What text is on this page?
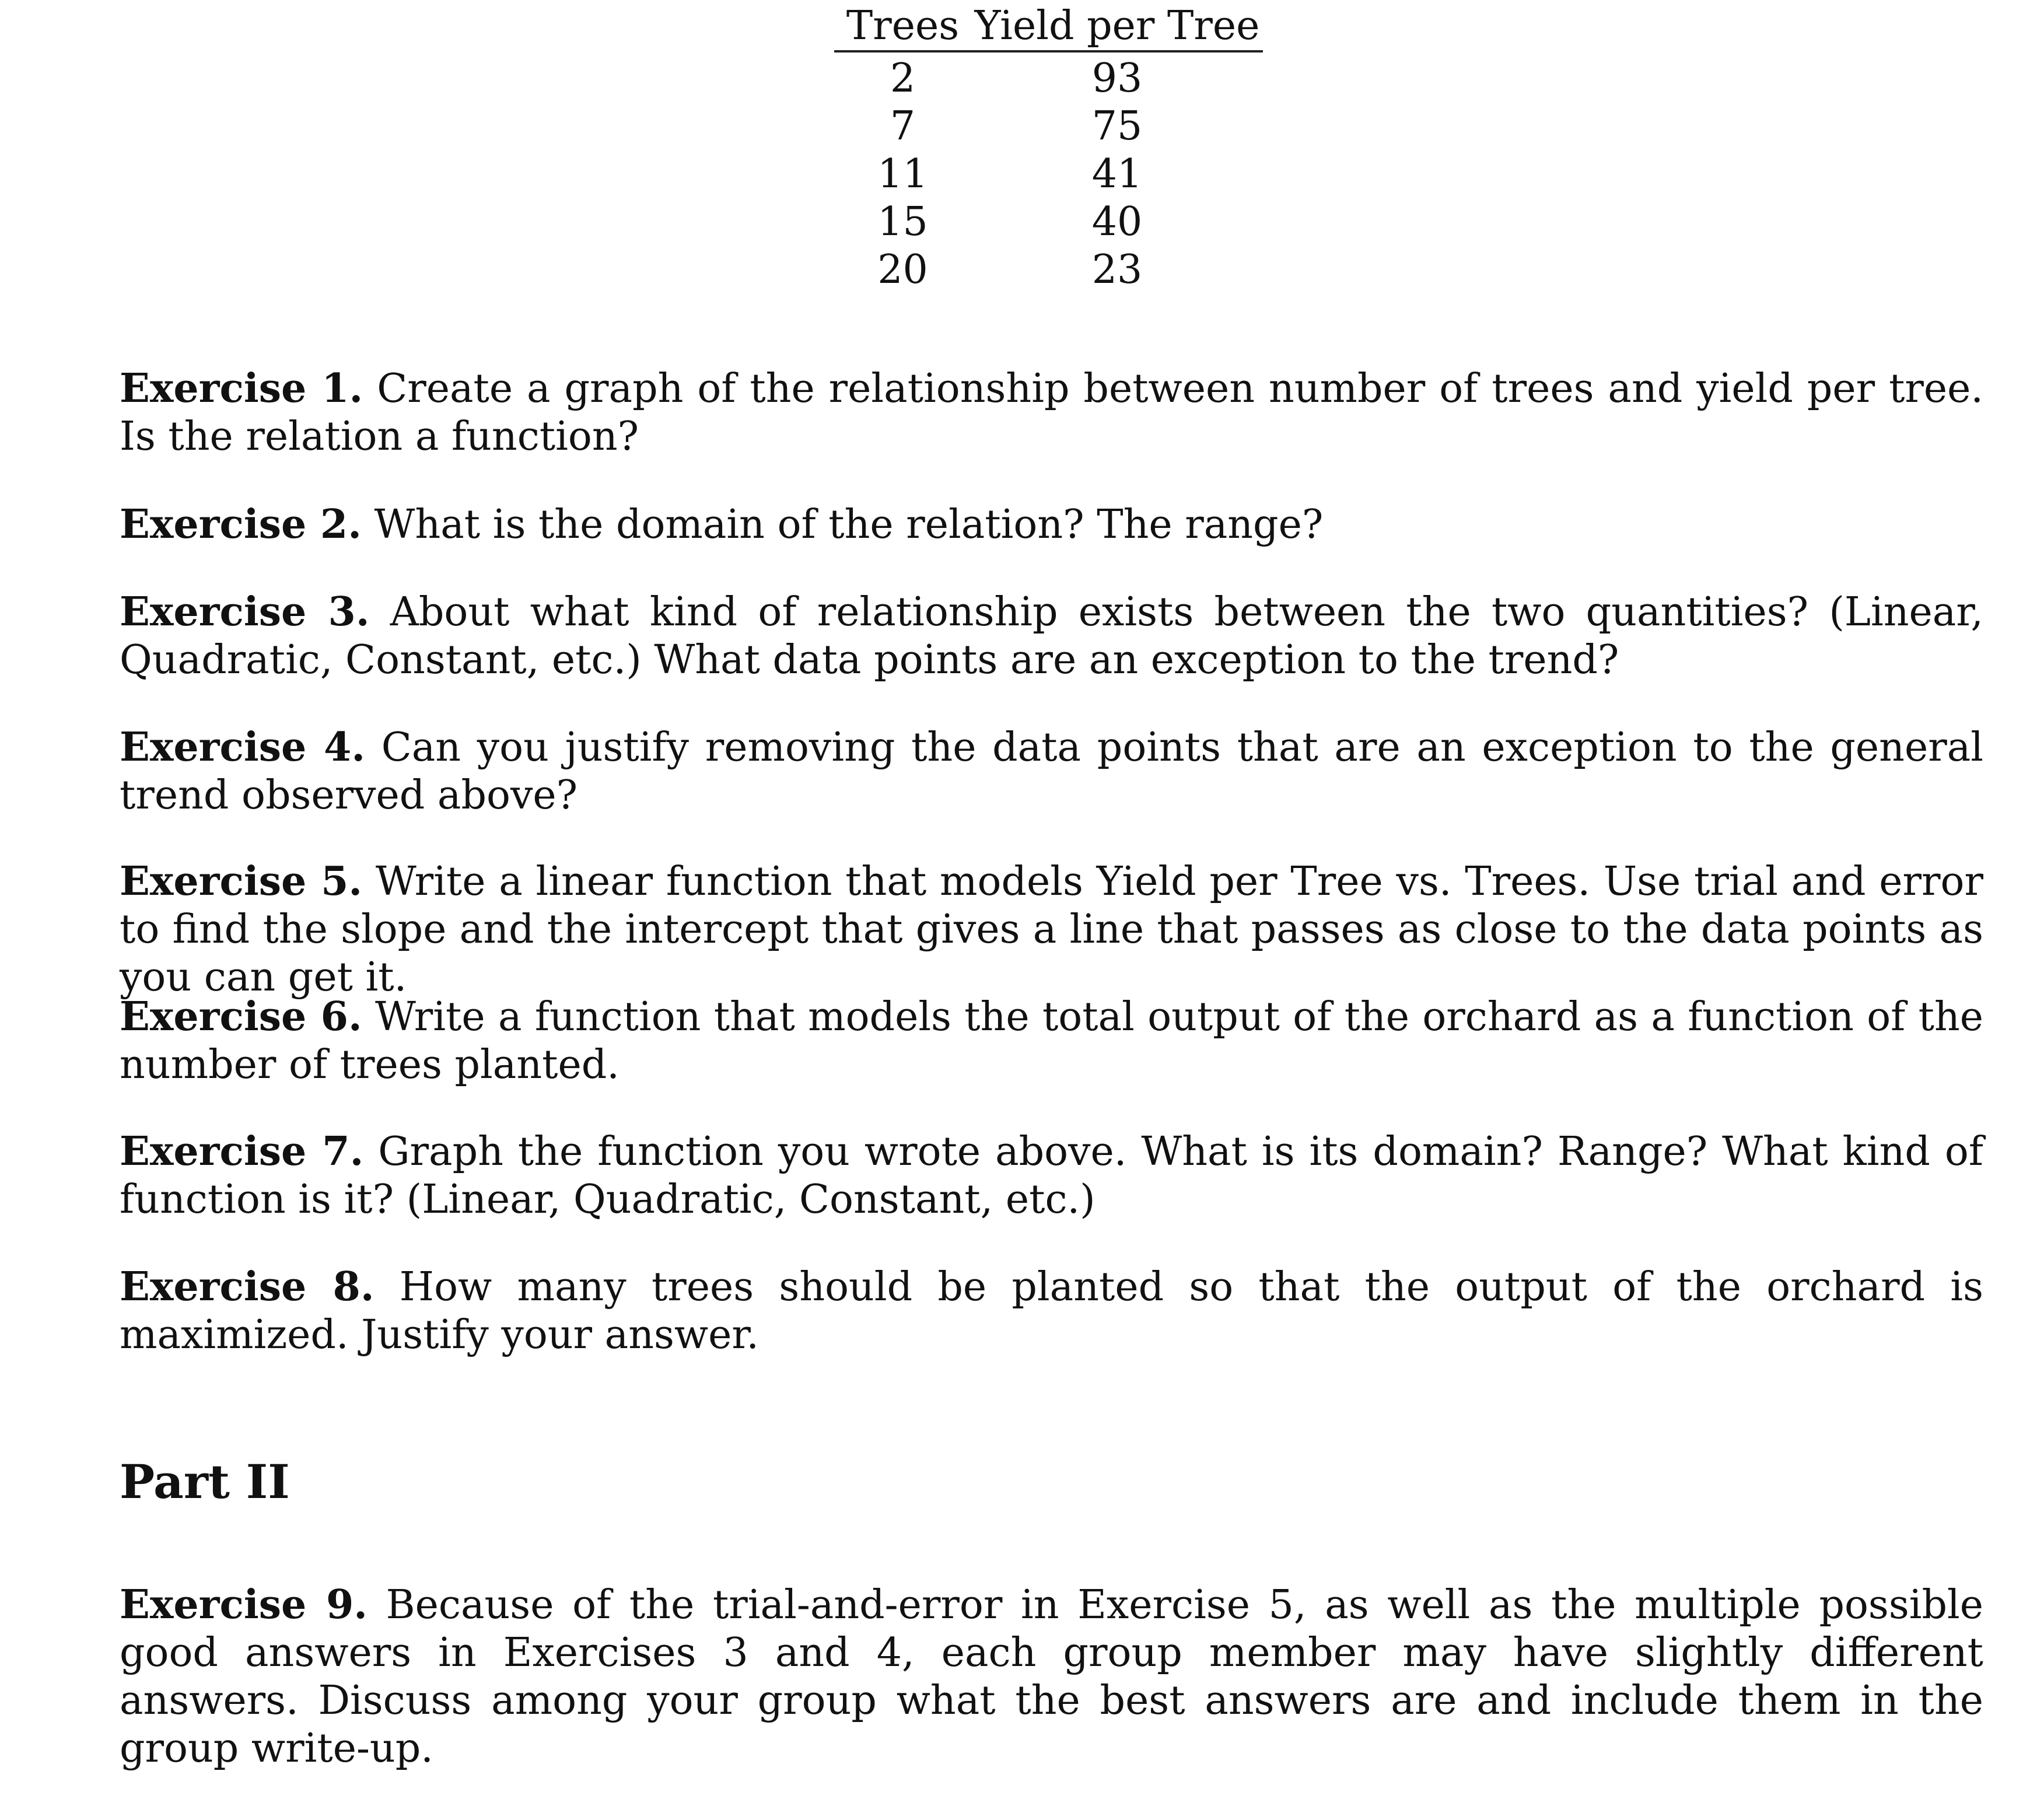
Trees Yield per Tree
2	93
7	75
11	41
15	40
20	23

Exercise 1. Create a graph of the relationship between number of trees and yield per tree. Is the relation a function?

Exercise 2. What is the domain of the relation? The range?

Exercise 3. About what kind of relationship exists between the two quantities? (Linear, Quadratic, Constant, etc.) What data points are an exception to the trend?

Exercise 4. Can you justify removing the data points that are an exception to the general trend observed above?

Exercise 5. Write a linear function that models Yield per Tree vs. Trees. Use trial and error to find the slope and the intercept that gives a line that passes as close to the data points as you can get it.

Exercise 6. Write a function that models the total output of the orchard as a function of the number of trees planted.

Exercise 7. Graph the function you wrote above. What is its domain? Range? What kind of function is it? (Linear, Quadratic, Constant, etc.)

Exercise 8. How many trees should be planted so that the output of the orchard is maximized. Justify your answer.

Part II

Exercise 9. Because of the trial-and-error in Exercise 5, as well as the multiple possible good answers in Exercises 3 and 4, each group member may have slightly different answers. Discuss among your group what the best answers are and include them in the group write-up.
